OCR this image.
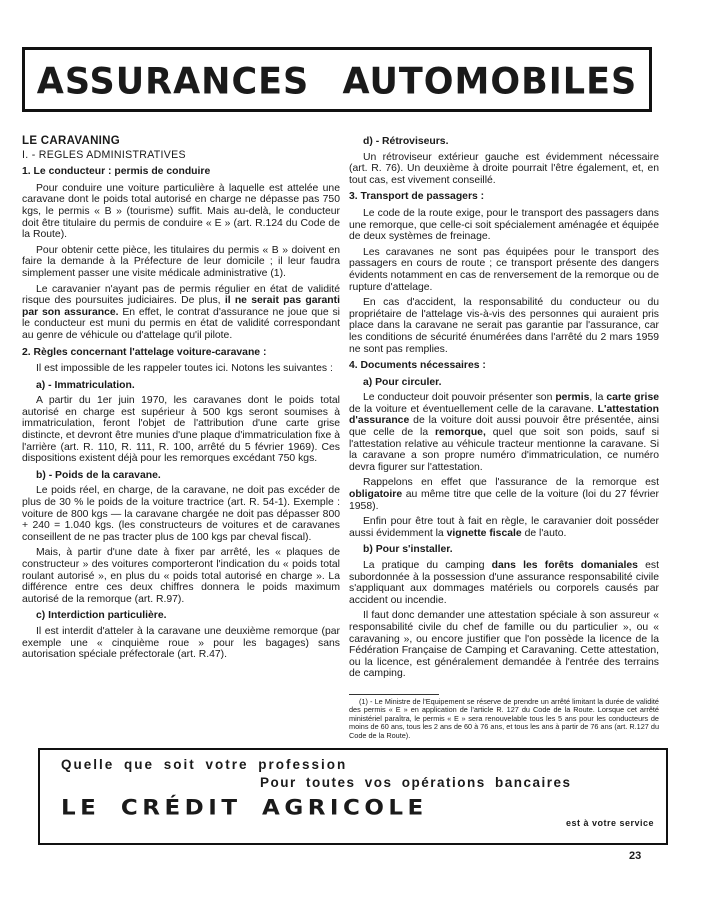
ASSURANCES AUTOMOBILES
LE CARAVANING
I. - REGLES ADMINISTRATIVES
1. Le conducteur : permis de conduire

Pour conduire une voiture particulière à laquelle est attelée une caravane dont le poids total autorisé en charge ne dépasse pas 750 kgs, le permis « B » (tourisme) suffit. Mais au-delà, le conducteur doit être titulaire du permis de conduire « E » (art. R.124 du Code de la Route).

Pour obtenir cette pièce, les titulaires du permis « B » doivent en faire la demande à la Préfecture de leur domicile ; il leur faudra simplement passer une visite médicale administrative (1).

Le caravanier n'ayant pas de permis régulier en état de validité risque des poursuites judiciaires. De plus, il ne serait pas garanti par son assurance. En effet, le contrat d'assurance ne joue que si le conducteur est muni du permis en état de validité correspondant au genre de véhicule ou d'attelage qu'il pilote.

2. Règles concernant l'attelage voiture-caravane :

Il est impossible de les rappeler toutes ici. Notons les suivantes :

a) - Immatriculation.

A partir du 1er juin 1970, les caravanes dont le poids total autorisé en charge est supérieur à 500 kgs seront soumises à immatriculation, feront l'objet de l'attribution d'une carte grise distincte, et devront être munies d'une plaque d'immatriculation fixe à l'arrière (art. R. 110, R. 111, R. 100, arrêté du 5 février 1969). Ces dispositions existent déjà pour les remorques excédant 750 kgs.

b) - Poids de la caravane.

Le poids réel, en charge, de la caravane, ne doit pas excéder de plus de 30 % le poids de la voiture tractrice (art. R. 54-1). Exemple : voiture de 800 kgs — la caravane chargée ne doit pas dépasser 800 + 240 = 1.040 kgs. (les constructeurs de voitures et de caravanes conseillent de ne pas tracter plus de 100 kgs par cheval fiscal).

Mais, à partir d'une date à fixer par arrêté, les « plaques de constructeur » des voitures comporteront l'indication du « poids total roulant autorisé », en plus du « poids total autorisé en charge ». La différence entre ces deux chiffres donnera le poids maximum autorisé de la remorque (art. R.97).

c) Interdiction particulière.

Il est interdit d'atteler à la caravane une deuxième remorque (par exemple une « cinquième roue » pour les bagages) sans autorisation spéciale préfectorale (art. R.47).

d) - Rétroviseurs.

Un rétroviseur extérieur gauche est évidemment nécessaire (art. R. 76). Un deuxième à droite pourrait l'être également, et, en tout cas, est vivement conseillé.

3. Transport de passagers :

Le code de la route exige, pour le transport des passagers dans une remorque, que celle-ci soit spécialement aménagée et équipée de deux systèmes de freinage.

Les caravanes ne sont pas équipées pour le transport des passagers en cours de route ; ce transport présente des dangers évidents notamment en cas de renversement de la remorque ou de rupture d'attelage.

En cas d'accident, la responsabilité du conducteur ou du propriétaire de l'attelage vis-à-vis des personnes qui auraient pris place dans la caravane ne serait pas garantie par l'assurance, car les conditions de sécurité énumérées dans l'arrêté du 2 mars 1959 ne sont pas remplies.

4. Documents nécessaires :
a) Pour circuler.

Le conducteur doit pouvoir présenter son permis, la carte grise de la voiture et éventuellement celle de la caravane. L'attestation d'assurance de la voiture doit aussi pouvoir être présentée, ainsi que celle de la remorque, quel que soit son poids, sauf si l'attestation relative au véhicule tracteur mentionne la caravane. Si la caravane a son propre numéro d'immatriculation, ce numéro devra figurer sur l'attestation.

Rappelons en effet que l'assurance de la remorque est obligatoire au même titre que celle de la voiture (loi du 27 février 1958).

Enfin pour être tout à fait en règle, le caravanier doit posséder aussi évidemment la vignette fiscale de l'auto.

b) Pour s'installer.

La pratique du camping dans les forêts domaniales est subordonnée à la possession d'une assurance responsabilité civile s'appliquant aux dommages matériels ou corporels causés par accident ou incendie.

Il faut donc demander une attestation spéciale à son assureur « responsabilité civile du chef de famille ou du particulier », ou « caravaning », ou encore justifier que l'on possède la licence de la Fédération Française de Camping et Caravaning. Cette attestation, ou la licence, est généralement demandée à l'entrée des terrains de camping.

(1) - Le Ministre de l'Equipement se réserve de prendre un arrêté limitant la durée de validité des permis « E » en application de l'article R. 127 du Code de la Route. Lorsque cet arrêté ministériel paraîtra, le permis « E » sera renouvelable tous les 5 ans pour les conducteurs de moins de 60 ans, tous les 2 ans de 60 à 76 ans, et tous les ans à partir de 76 ans (art. R.127 du Code de la Route).

Quelle que soit votre profession
Pour toutes vos opérations bancaires
LE CRÉDIT AGRICOLE
est à votre service
23
